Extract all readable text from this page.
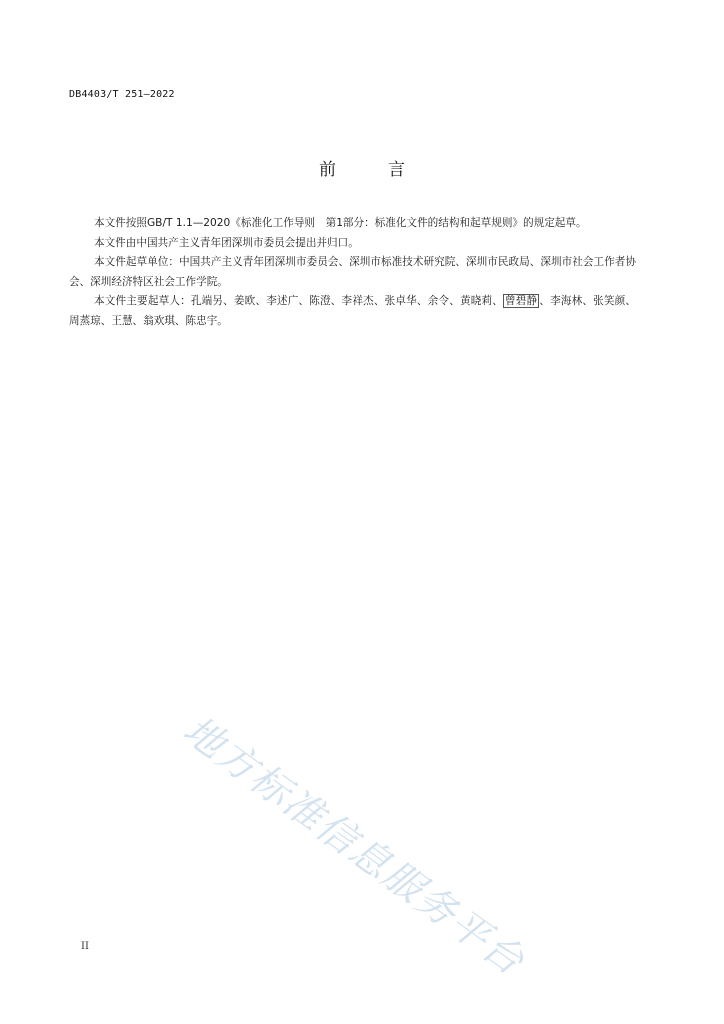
DB4403/T 251—2022
前	言

本文件按照GB/T 1.1—2020《标准化工作导则　第1部分：标准化文件的结构和起草规则》的规定起草。

本文件由中国共产主义青年团深圳市委员会提出并归口。

本文件起草单位：中国共产主义青年团深圳市委员会、深圳市标准技术研究院、深圳市民政局、深圳市社会工作者协会、深圳经济特区社会工作学院。

本文件主要起草人：孔端另、姜欧、李述广、陈澄、李祥杰、张卓华、余令、黄晓莉、 曾碧静 、李海林、张笑颜、周蒸琼、王慧、翁欢琪、陈忠宇。

地方标准信息服务平台
II
